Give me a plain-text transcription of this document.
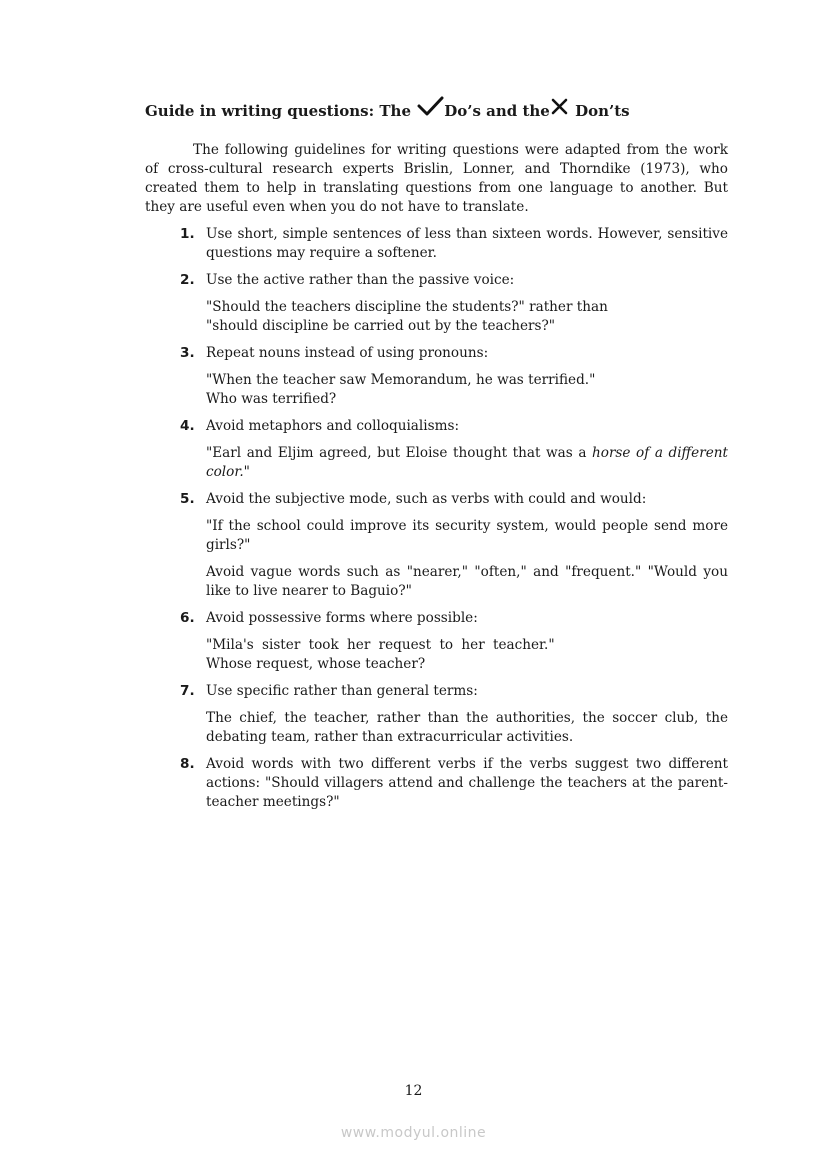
Guide in writing questions: The
Do’s and the
Don’ts

The following guidelines for writing questions were adapted from the work of cross-cultural research experts Brislin, Lonner, and Thorndike (1973), who created them to help in translating questions from one language to another. But they are useful even when you do not have to translate.

1. Use short, simple sentences of less than sixteen words. However, sensitive questions may require a softener.
2. Use the active rather than the passive voice:
"Should the teachers discipline the students?" rather than
"should discipline be carried out by the teachers?"
3. Repeat nouns instead of using pronouns:
"When the teacher saw Memorandum, he was terrified."
Who was terrified?
4. Avoid metaphors and colloquialisms:
"Earl and Eljim agreed, but Eloise thought that was a horse of a different color."
5. Avoid the subjective mode, such as verbs with could and would:
"If the school could improve its security system, would people send more girls?"
Avoid vague words such as "nearer," "often," and "frequent." "Would you like to live nearer to Baguio?"
6. Avoid possessive forms where possible:
"Mila's sister took her request to her teacher."
Whose request, whose teacher?
7. Use specific rather than general terms:
The chief, the teacher, rather than the authorities, the soccer club, the debating team, rather than extracurricular activities.
8. Avoid words with two different verbs if the verbs suggest two different actions: "Should villagers attend and challenge the teachers at the parent-teacher meetings?"
12
www.modyul.online
